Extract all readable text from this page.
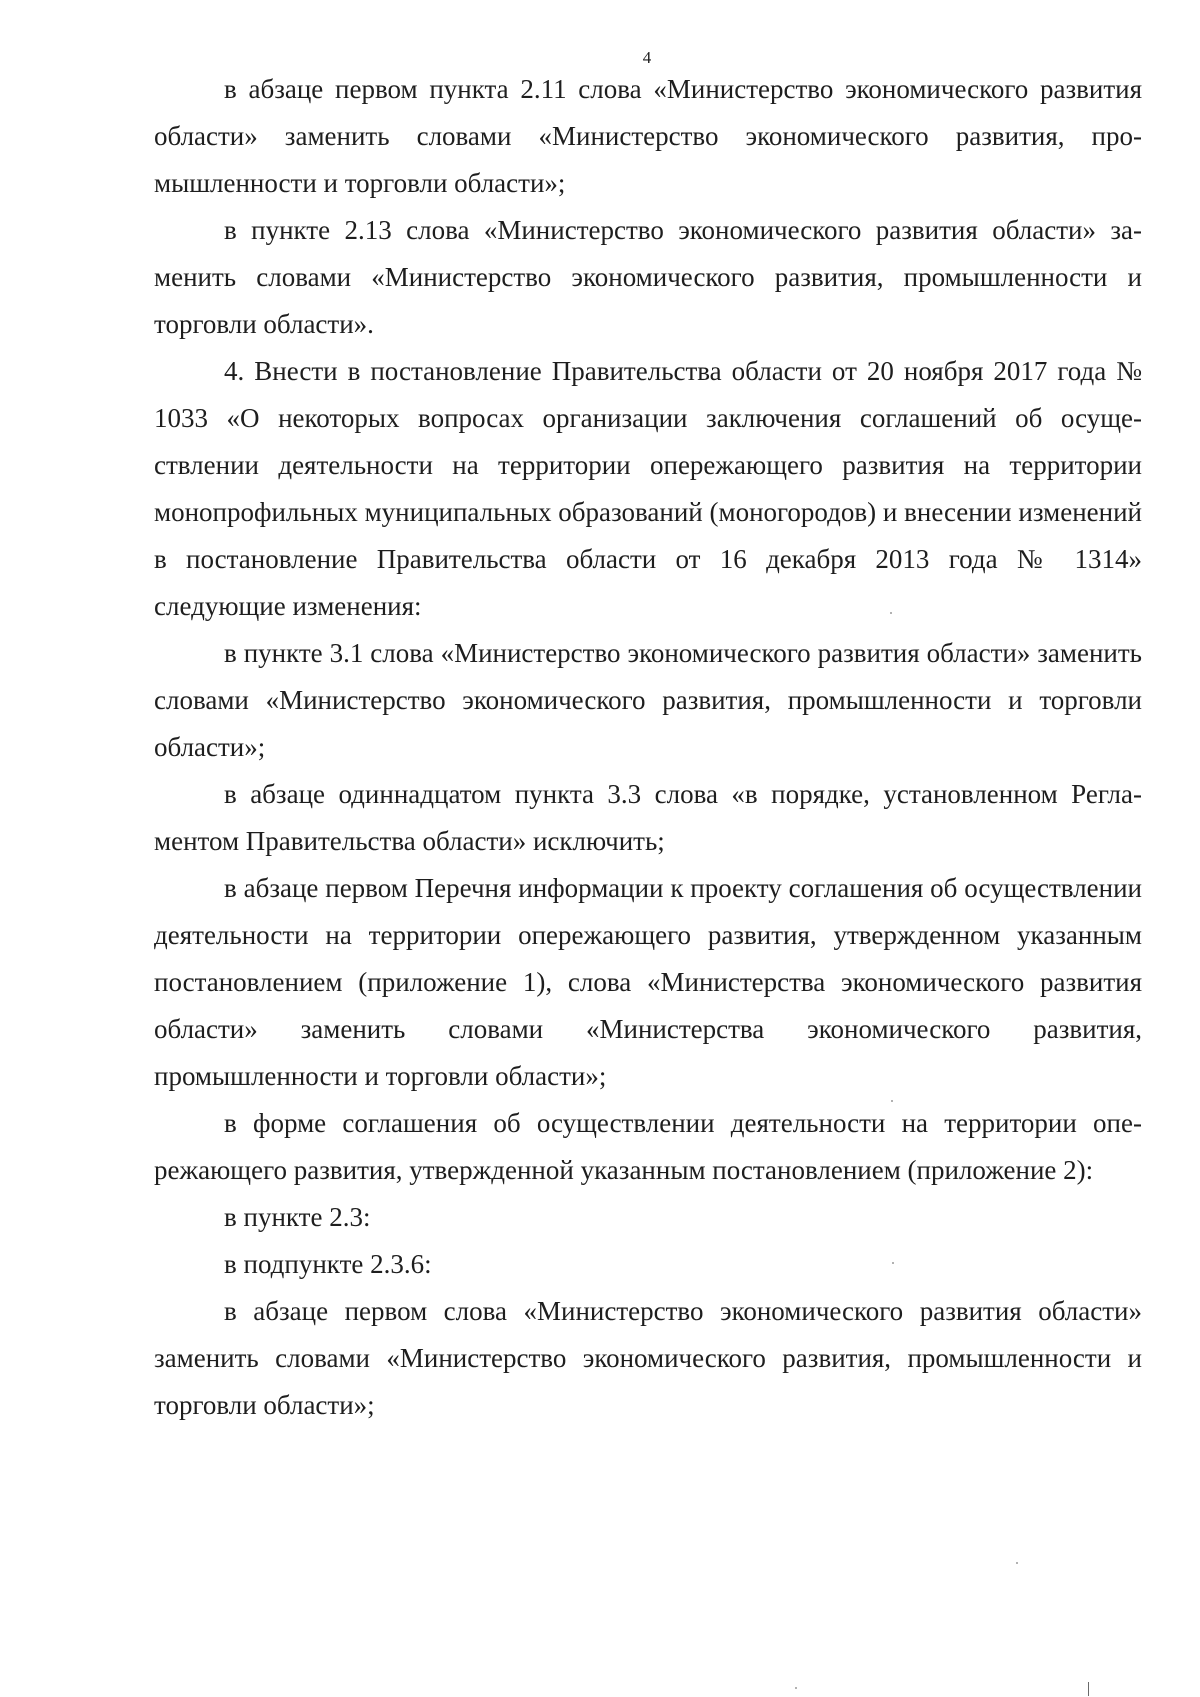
4

в абзаце первом пункта 2.11 слова «Министерство экономического развития области» заменить словами «Министерство экономического развития, промышленности и торговли области»;

в пункте 2.13 слова «Министерство экономического развития области» заменить словами «Министерство экономического развития, промышленности и торговли области».

4. Внести в постановление Правительства области от 20 ноября 2017 года № 1033 «О некоторых вопросах организации заключения соглашений об осуществлении деятельности на территории опережающего развития на территории монопрофильных муниципальных образований (моногородов) и внесении изменений в постановление Правительства области от 16 декабря 2013 года № 1314» следующие изменения:

в пункте 3.1 слова «Министерство экономического развития области» заменить словами «Министерство экономического развития, промышленности и торговли области»;

в абзаце одиннадцатом пункта 3.3 слова «в порядке, установленном Регламентом Правительства области» исключить;

в абзаце первом Перечня информации к проекту соглашения об осуществлении деятельности на территории опережающего развития, утвержденном указанным постановлением (приложение 1), слова «Министерства экономического развития области» заменить словами «Министерства экономического развития, промышленности и торговли области»;

в форме соглашения об осуществлении деятельности на территории опережающего развития, утвержденной указанным постановлением (приложение 2):

в пункте 2.3:

в подпункте 2.3.6:

в абзаце первом слова «Министерство экономического развития области» заменить словами «Министерство экономического развития, промышленности и торговли области»;
